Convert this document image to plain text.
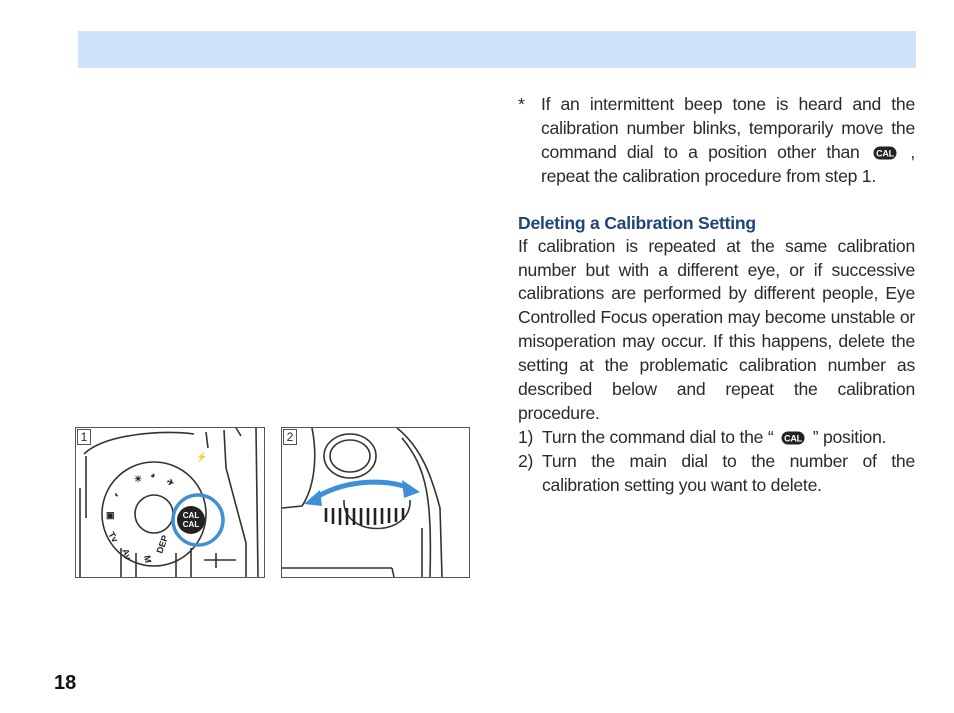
* If an intermittent beep tone is heard and the calibration number blinks, temporarily move the command dial to a position other than CAL , repeat the calibration procedure from step 1.
Deleting a Calibration Setting
If calibration is repeated at the same calibration number but with a different eye, or if successive calibrations are performed by different people, Eye Controlled Focus operation may become unstable or misoperation may occur. If this happens, delete the setting at the problematic calibration number as described below and repeat the calibration procedure.
1) Turn the command dial to the “ CAL ” position.
2) Turn the main dial to the number of the calibration setting you want to delete.
◐
☀ ◕
✈
▣
Tv
Av M
DEP
⚡
CAL
CAL
1	2
18
